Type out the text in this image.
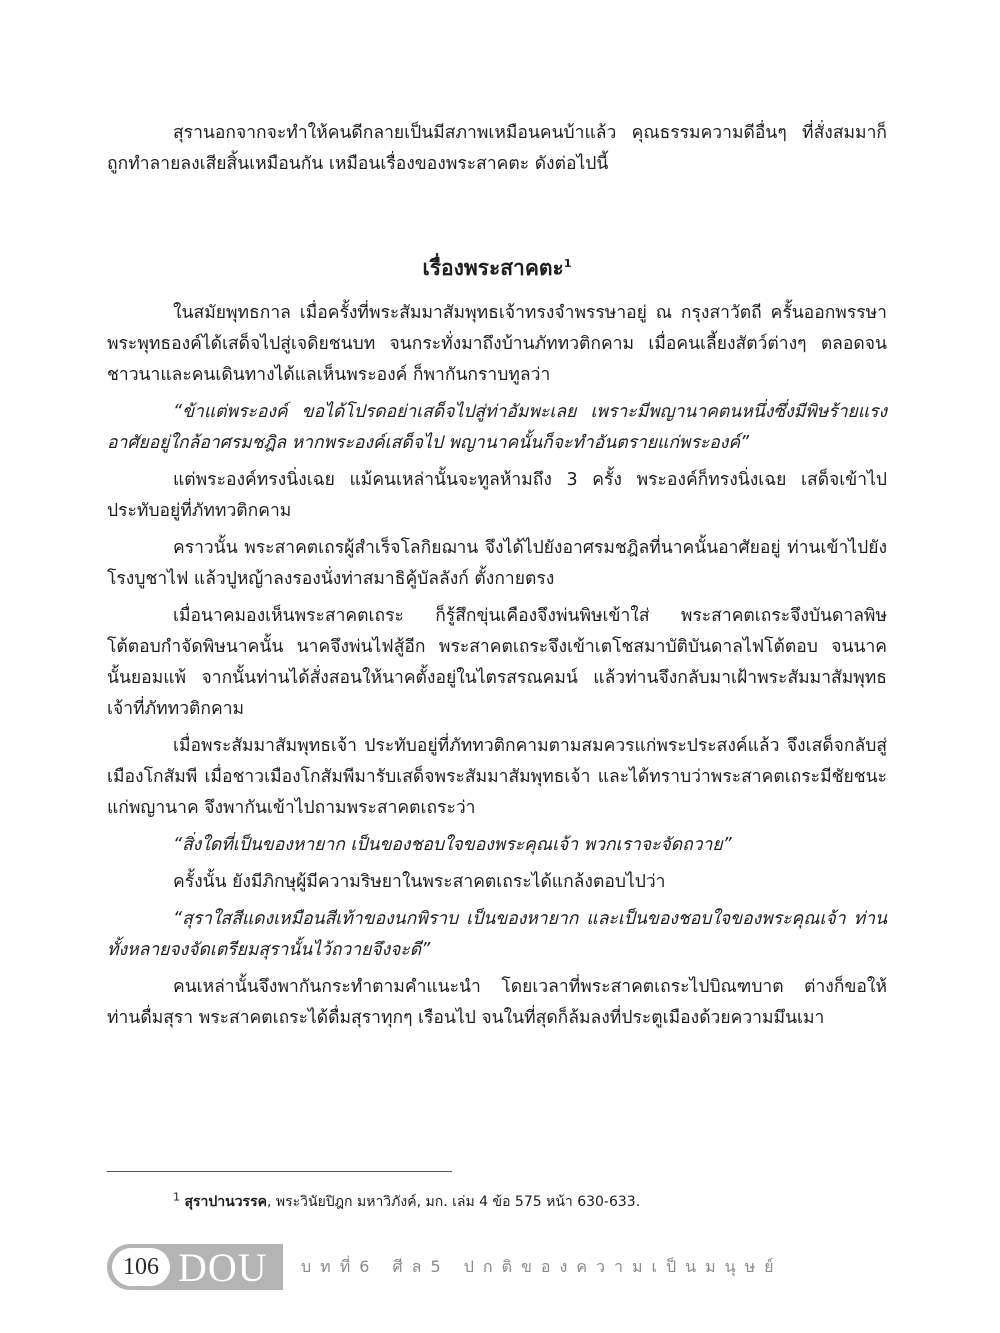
สุรานอกจากจะทำให้คนดีกลายเป็นมีสภาพเหมือนคนบ้าแล้ว คุณธรรมความดีอื่นๆ ที่สั่งสมมาก็ถูกทำลายลงเสียสิ้นเหมือนกัน เหมือนเรื่องของพระสาคตะ ดังต่อไปนี้

เรื่องพระสาคตะ$^1$

ในสมัยพุทธกาล เมื่อครั้งที่พระสัมมาสัมพุทธเจ้าทรงจำพรรษาอยู่ ณ กรุงสาวัตถี ครั้นออกพรรษา พระพุทธองค์ได้เสด็จไปสู่เจดิยชนบท จนกระทั่งมาถึงบ้านภัททวติกคาม เมื่อคนเลี้ยงสัตว์ต่างๆ ตลอดจนชาวนาและคนเดินทางได้แลเห็นพระองค์ ก็พากันกราบทูลว่า

“ข้าแต่พระองค์ ขอได้โปรดอย่าเสด็จไปสู่ท่าอัมพะเลย เพราะมีพญานาคตนหนึ่งซึ่งมีพิษร้ายแรงอาศัยอยู่ใกล้อาศรมชฎิล หากพระองค์เสด็จไป พญานาคนั้นก็จะทำอันตรายแก่พระองค์”

แต่พระองค์ทรงนิ่งเฉย แม้คนเหล่านั้นจะทูลห้ามถึง 3 ครั้ง พระองค์ก็ทรงนิ่งเฉย เสด็จเข้าไปประทับอยู่ที่ภัททวติกคาม

คราวนั้น พระสาคตเถรผู้สำเร็จโลกิยฌาน จึงได้ไปยังอาศรมชฎิลที่นาคนั้นอาศัยอยู่ ท่านเข้าไปยังโรงบูชาไฟ แล้วปูหญ้าลงรองนั่งท่าสมาธิคู้บัลลังก์ ตั้งกายตรง

เมื่อนาคมองเห็นพระสาคตเถระ ก็รู้สึกขุ่นเคืองจึงพ่นพิษเข้าใส่ พระสาคตเถระจึงบันดาลพิษโต้ตอบกำจัดพิษนาคนั้น นาคจึงพ่นไฟสู้อีก พระสาคตเถระจึงเข้าเตโชสมาบัติบันดาลไฟโต้ตอบ จนนาคนั้นยอมแพ้ จากนั้นท่านได้สั่งสอนให้นาคตั้งอยู่ในไตรสรณคมน์ แล้วท่านจึงกลับมาเฝ้าพระสัมมาสัมพุทธเจ้าที่ภัททวติกคาม

เมื่อพระสัมมาสัมพุทธเจ้า ประทับอยู่ที่ภัททวติกคามตามสมควรแก่พระประสงค์แล้ว จึงเสด็จกลับสู่เมืองโกสัมพี เมื่อชาวเมืองโกสัมพีมารับเสด็จพระสัมมาสัมพุทธเจ้า และได้ทราบว่าพระสาคตเถระมีชัยชนะแก่พญานาค จึงพากันเข้าไปถามพระสาคตเถระว่า

“สิ่งใดที่เป็นของหายาก เป็นของชอบใจของพระคุณเจ้า พวกเราจะจัดถวาย”

ครั้งนั้น ยังมีภิกษุผู้มีความริษยาในพระสาคตเถระได้แกล้งตอบไปว่า

“สุราใสสีแดงเหมือนสีเท้าของนกพิราบ เป็นของหายาก และเป็นของชอบใจของพระคุณเจ้า ท่านทั้งหลายจงจัดเตรียมสุรานั้นไว้ถวายจึงจะดี”

คนเหล่านั้นจึงพากันกระทำตามคำแนะนำ โดยเวลาที่พระสาคตเถระไปบิณฑบาต ต่างก็ขอให้ท่านดื่มสุรา พระสาคตเถระได้ดื่มสุราทุกๆ เรือนไป จนในที่สุดก็ล้มลงที่ประตูเมืองด้วยความมึนเมา

$^1$ สุราปานวรรค, พระวินัยปิฎก มหาวิภังค์, มก. เล่ม 4 ข้อ 575 หน้า 630-633.
106 DOU บทที่6 ศีล5 ปกติของความเป็นมนุษย์
